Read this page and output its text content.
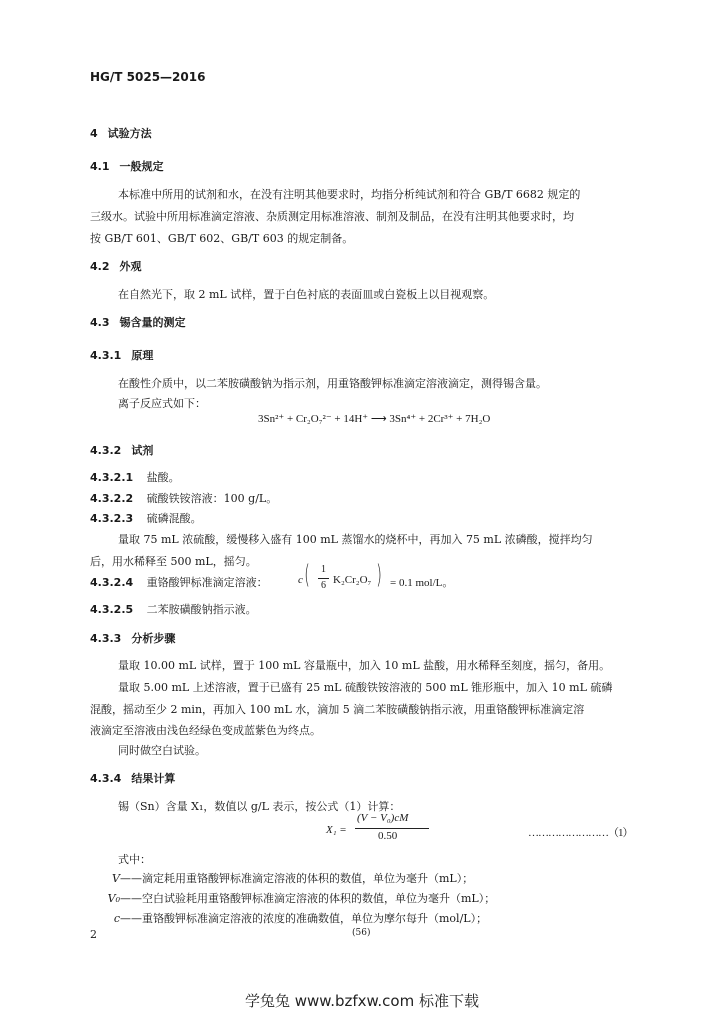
HG/T 5025—2016
4 试验方法
4.1 一般规定
本标准中所用的试剂和水，在没有注明其他要求时，均指分析纯试剂和符合 GB/T 6682 规定的
三级水。试验中所用标准滴定溶液、杂质测定用标准溶液、制剂及制品，在没有注明其他要求时，均
按 GB/T 601、GB/T 602、GB/T 603 的规定制备。
4.2 外观
在自然光下，取 2 mL 试样，置于白色衬底的表面皿或白瓷板上以目视观察。
4.3 锡含量的测定
4.3.1 原理
在酸性介质中，以二苯胺磺酸钠为指示剂，用重铬酸钾标准滴定溶液滴定，测得锡含量。
离子反应式如下：
3Sn²⁺ + Cr₂O₇²⁻ + 14H⁺ ⟶ 3Sn⁴⁺ + 2Cr³⁺ + 7H₂O
4.3.2 试剂
4.3.2.1 盐酸。
4.3.2.2 硫酸铁铵溶液：100 g/L。
4.3.2.3 硫磷混酸。
量取 75 mL 浓硫酸，缓慢移入盛有 100 mL 蒸馏水的烧杯中，再加入 75 mL 浓磷酸，搅拌均匀
后，用水稀释至 500 mL，摇匀。
4.3.2.4 重铬酸钾标准滴定溶液：	c ( 1
6 K₂Cr₂O₇ ) = 0.1 mol/L。
4.3.2.5 二苯胺磺酸钠指示液。
4.3.3 分析步骤
量取 10.00 mL 试样，置于 100 mL 容量瓶中，加入 10 mL 盐酸，用水稀释至刻度，摇匀，备用。
量取 5.00 mL 上述溶液，置于已盛有 25 mL 硫酸铁铵溶液的 500 mL 锥形瓶中，加入 10 mL 硫磷
混酸，摇动至少 2 min，再加入 100 mL 水，滴加 5 滴二苯胺磺酸钠指示液，用重铬酸钾标准滴定溶
液滴定至溶液由浅色经绿色变成蓝紫色为终点。
同时做空白试验。
4.3.4 结果计算
锡（Sn）含量 X₁，数值以 g/L 表示，按公式（1）计算：
X₁ =
(V − V₀)cM
0.50	……………………（1）
式中：
V——滴定耗用重铬酸钾标准滴定溶液的体积的数值，单位为毫升（mL）；
V₀——空白试验耗用重铬酸钾标准滴定溶液的体积的数值，单位为毫升（mL）；
c——重铬酸钾标准滴定溶液的浓度的准确数值，单位为摩尔每升（mol/L）；
2	(56)
学兔兔 www.bzfxw.com 标准下载
